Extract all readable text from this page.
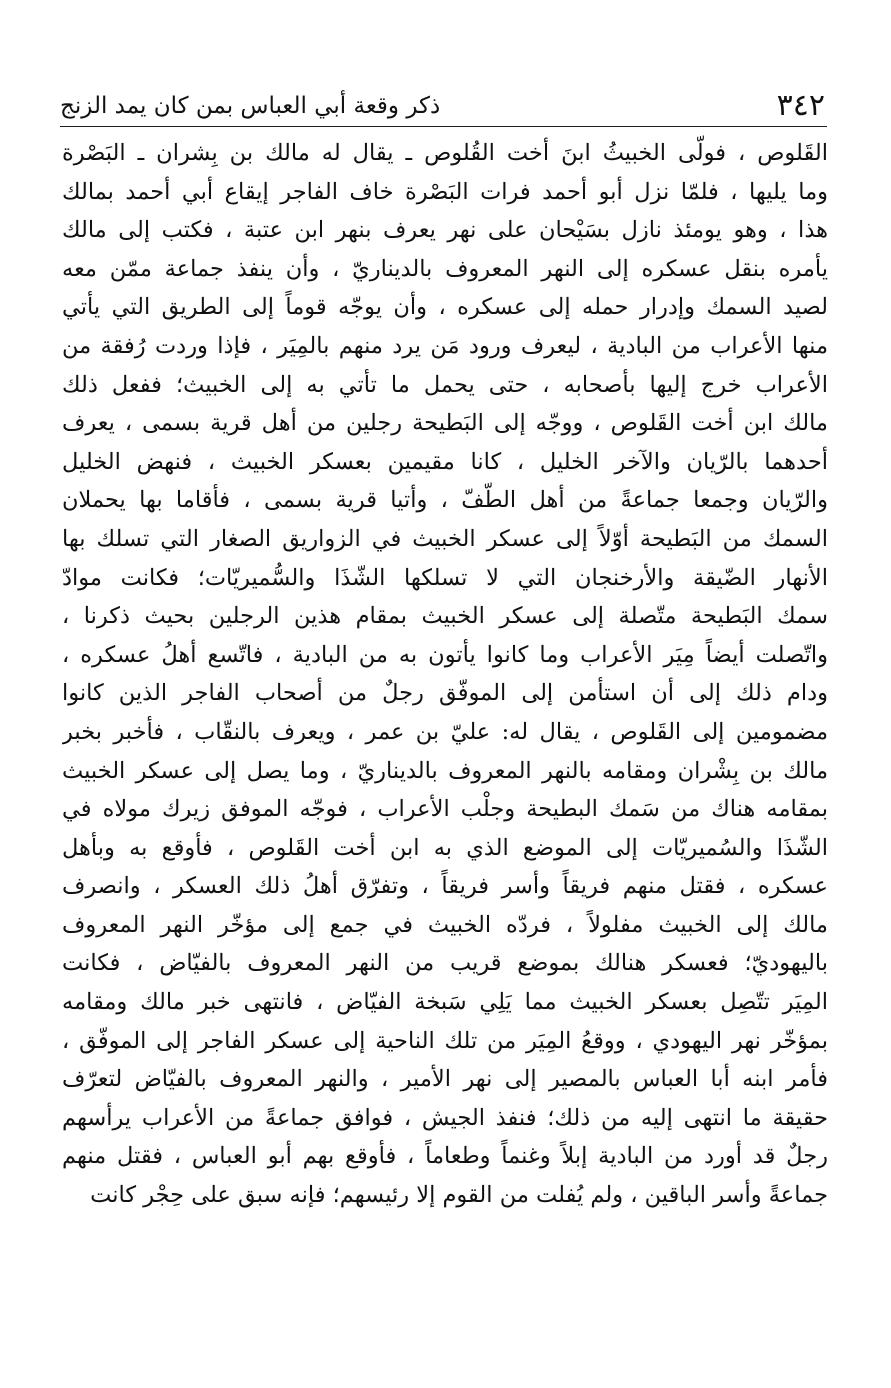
٣٤٢
ذكر وقعة أبي العباس بمن كان يمد الزنج
القَلوص ، فولّى الخبيثُ ابنَ أخت القُلوص ـ يقال له مالك بن بِشران ـ البَصْرة
وما يليها ، فلمّا نزل أبو أحمد فرات البَصْرة خاف الفاجر إيقاع أبي أحمد بمالك
هذا ، وهو يومئذ نازل بسَيْحان على نهر يعرف بنهر ابن عتبة ، فكتب إلى مالك
يأمره بنقل عسكره إلى النهر المعروف بالديناريّ ، وأن ينفذ جماعة ممّن معه
لصيد السمك وإدرار حمله إلى عسكره ، وأن يوجّه قوماً إلى الطريق التي يأتي
منها الأعراب من البادية ، ليعرف ورود مَن يرد منهم بالمِيَر ، فإذا وردت رُفقة من
الأعراب خرج إليها بأصحابه ، حتى يحمل ما تأتي به إلى الخبيث؛ ففعل ذلك
مالك ابن أخت القَلوص ، ووجّه إلى البَطيحة رجلين من أهل قرية بسمى ، يعرف
أحدهما بالرّيان والآخر الخليل ، كانا مقيمين بعسكر الخبيث ، فنهض الخليل
والرّيان وجمعا جماعةً من أهل الطّفّ ، وأتيا قرية بسمى ، فأقاما بها يحملان
السمك من البَطيحة أوّلاً إلى عسكر الخبيث في الزواريق الصغار التي تسلك بها
الأنهار الضّيقة والأرخنجان التي لا تسلكها الشّذَا والسُّميريّات؛ فكانت موادّ
سمك البَطيحة متّصلة إلى عسكر الخبيث بمقام هذين الرجلين بحيث ذكرنا ،
واتّصلت أيضاً مِيَر الأعراب وما كانوا يأتون به من البادية ، فاتّسع أهلُ عسكره ،
ودام ذلك إلى أن استأمن إلى الموفّق رجلٌ من أصحاب الفاجر الذين كانوا
مضمومين إلى القَلوص ، يقال له: عليّ بن عمر ، ويعرف بالنقّاب ، فأخبر بخبر
مالك بن بِشْران ومقامه بالنهر المعروف بالديناريّ ، وما يصل إلى عسكر الخبيث
بمقامه هناك من سَمك البطيحة وجلْب الأعراب ، فوجّه الموفق زيرك مولاه في
الشّذَا والسُميريّات إلى الموضع الذي به ابن أخت القَلوص ، فأوقع به وبأهل
عسكره ، فقتل منهم فريقاً وأسر فريقاً ، وتفرّق أهلُ ذلك العسكر ، وانصرف
مالك إلى الخبيث مفلولاً ، فردّه الخبيث في جمع إلى مؤخّر النهر المعروف
باليهوديّ؛ فعسكر هنالك بموضع قريب من النهر المعروف بالفيّاض ، فكانت
المِيَر تتّصِل بعسكر الخبيث مما يَلِي سَبخة الفيّاض ، فانتهى خبر مالك ومقامه
بمؤخّر نهر اليهودي ، ووقعُ المِيَر من تلك الناحية إلى عسكر الفاجر إلى الموفّق ،
فأمر ابنه أبا العباس بالمصير إلى نهر الأمير ، والنهر المعروف بالفيّاض لتعرّف
حقيقة ما انتهى إليه من ذلك؛ فنفذ الجيش ، فوافق جماعةً من الأعراب يرأسهم
رجلٌ قد أورد من البادية إبلاً وغنماً وطعاماً ، فأوقع بهم أبو العباس ، فقتل منهم
جماعةً وأسر الباقين ، ولم يُفلت من القوم إلا رئيسهم؛ فإنه سبق على حِجْر كانت
